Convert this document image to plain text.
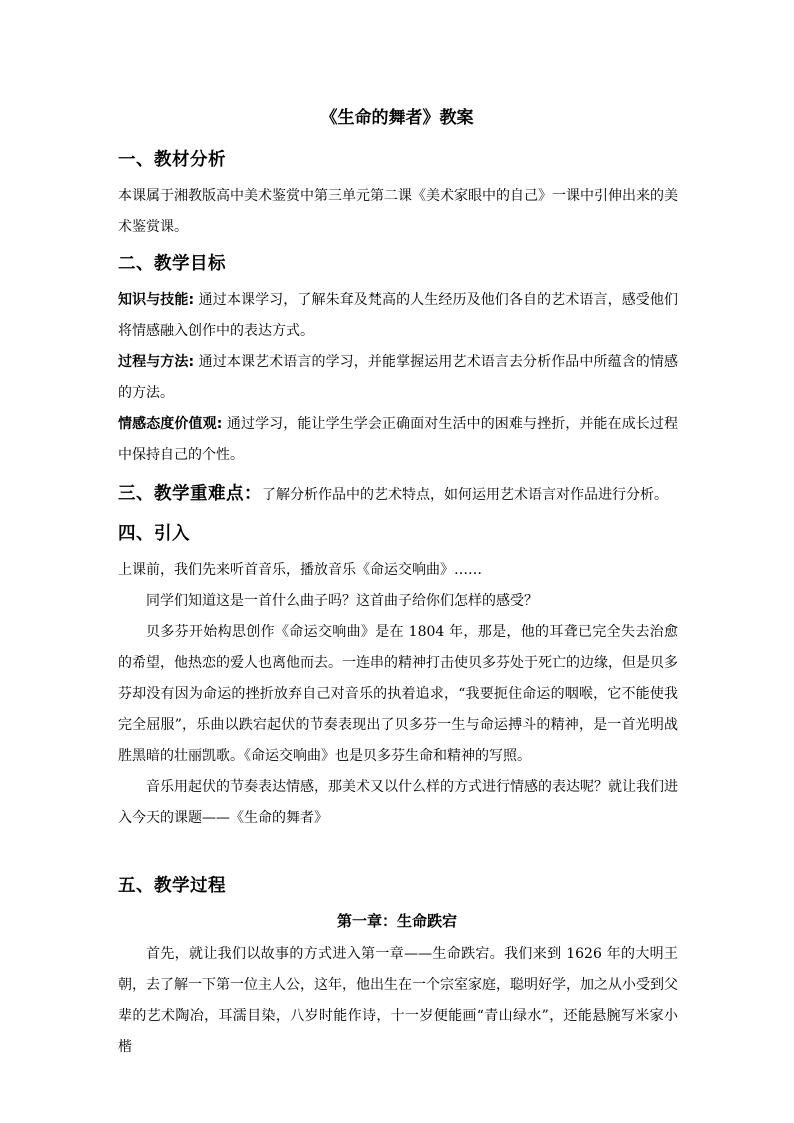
《生命的舞者》教案
一、教材分析
本课属于湘教版高中美术鉴赏中第三单元第二课《美术家眼中的自己》一课中引伸出来的美术鉴赏课。
二、教学目标
知识与技能: 通过本课学习，了解朱耷及梵高的人生经历及他们各自的艺术语言，感受他们将情感融入创作中的表达方式。
过程与方法: 通过本课艺术语言的学习，并能掌握运用艺术语言去分析作品中所蕴含的情感的方法。
情感态度价值观: 通过学习，能让学生学会正确面对生活中的困难与挫折，并能在成长过程中保持自己的个性。
三、教学重难点：了解分析作品中的艺术特点，如何运用艺术语言对作品进行分析。
四、引入
上课前，我们先来听首音乐，播放音乐《命运交响曲》……
同学们知道这是一首什么曲子吗？这首曲子给你们怎样的感受？
贝多芬开始构思创作《命运交响曲》是在 1804 年，那是，他的耳聋已完全失去治愈的希望，他热恋的爱人也离他而去。一连串的精神打击使贝多芬处于死亡的边缘，但是贝多芬却没有因为命运的挫折放弃自己对音乐的执着追求，“我要扼住命运的咽喉，它不能使我完全屈服”，乐曲以跌宕起伏的节奏表现出了贝多芬一生与命运搏斗的精神，是一首光明战胜黑暗的壮丽凯歌。《命运交响曲》也是贝多芬生命和精神的写照。
音乐用起伏的节奏表达情感，那美术又以什么样的方式进行情感的表达呢？就让我们进入今天的课题——《生命的舞者》
五、教学过程
第一章：生命跌宕
首先，就让我们以故事的方式进入第一章——生命跌宕。我们来到 1626 年的大明王朝，去了解一下第一位主人公，这年，他出生在一个宗室家庭，聪明好学，加之从小受到父辈的艺术陶冶，耳濡目染，八岁时能作诗，十一岁便能画“青山绿水”，还能悬腕写米家小楷
